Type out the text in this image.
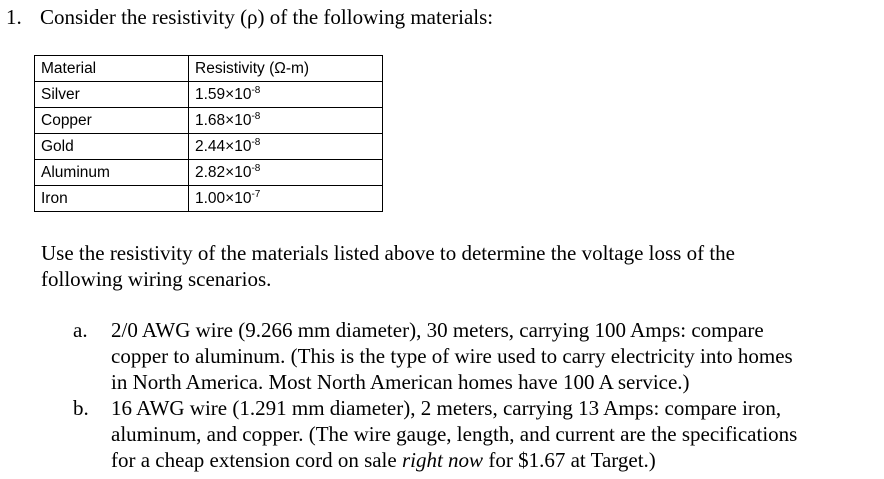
1. Consider the resistivity (ρ) of the following materials:
Material	Resistivity (Ω-m)
Silver	$1.59\times 10^{-8}$
Copper	$1.68\times 10^{-8}$
Gold	$2.44\times 10^{-8}$
Aluminum	$2.82\times 10^{-8}$
Iron	$1.00\times 10^{-7}$
Use the resistivity of the materials listed above to determine the voltage loss of the
following wiring scenarios.
a.	2/0 AWG wire (9.266 mm diameter), 30 meters, carrying 100 Amps: compare
copper to aluminum. (This is the type of wire used to carry electricity into homes
in North America. Most North American homes have 100 A service.)
b.	16 AWG wire (1.291 mm diameter), 2 meters, carrying 13 Amps: compare iron,
aluminum, and copper. (The wire gauge, length, and current are the specifications
for a cheap extension cord on sale right now for $1.67 at Target.)
